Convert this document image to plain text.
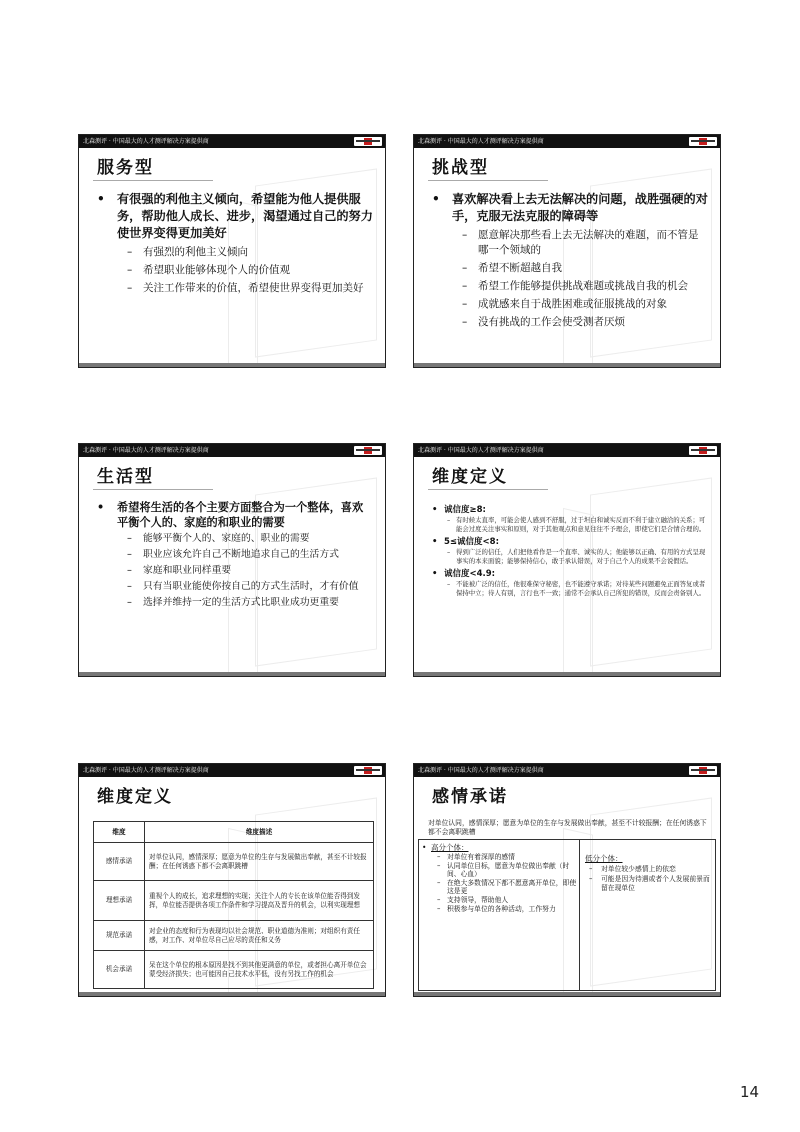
北森测评 · 中国最大的人才测评解决方案提供商
服务型
• 有很强的利他主义倾向，希望能为他人提供服务，帮助他人成长、进步，渴望通过自己的努力使世界变得更加美好
– 有强烈的利他主义倾向
– 希望职业能够体现个人的价值观
– 关注工作带来的价值，希望使世界变得更加美好
北森测评 · 中国最大的人才测评解决方案提供商
挑战型
• 喜欢解决看上去无法解决的问题，战胜强硬的对手，克服无法克服的障碍等
– 愿意解决那些看上去无法解决的难题，而不管是哪一个领域的
– 希望不断超越自我
– 希望工作能够提供挑战难题或挑战自我的机会
– 成就感来自于战胜困难或征服挑战的对象
– 没有挑战的工作会使受测者厌烦
北森测评 · 中国最大的人才测评解决方案提供商
生活型
• 希望将生活的各个主要方面整合为一个整体，喜欢平衡个人的、家庭的和职业的需要
– 能够平衡个人的、家庭的、职业的需要
– 职业应该允许自己不断地追求自己的生活方式
– 家庭和职业同样重要
– 只有当职业能使你按自己的方式生活时，才有价值
– 选择并维持一定的生活方式比职业成功更重要
北森测评 · 中国最大的人才测评解决方案提供商
维度定义
• 诚信度≥8:
– 有时候太直率，可能会使人感到不舒服，过于坦白和诚实反而不利于建立融洽的关系；可能会过度关注事实和原则，对于其他观点和意见往往不予理会，即使它们是合情合理的。
• 5≤诚信度<8:
– 得到广泛的信任，人们把他看作是一个直率、诚实的人；他能够以正确、有用的方式呈现事实的本来面貌；能够保持信心，敢于承认错误，对于自己个人的成果不会说假话。
• 诚信度<4.9:
– 不能被广泛的信任，他很难保守秘密，也不能遵守承诺；对待某些问题避免正面答复或者保持中立；待人有别，言行也不一致；通常不会承认自己所犯的错误，反而会责备别人。
北森测评 · 中国最大的人才测评解决方案提供商
维度定义
维度	维度描述
感情承诺	对单位认同，感情深厚；愿意为单位的生存与发展做出奉献，甚至不计较报酬；在任何诱惑下都不会离职跳槽
理想承诺	重视个人的成长，追求理想的实现；关注个人的专长在该单位能否得到发挥，单位能否提供各项工作条件和学习提高及晋升的机会，以利实现理想
规范承诺	对企业的态度和行为表现均以社会规范、职业道德为准则；对组织有责任感，对工作、对单位尽自己应尽的责任和义务
机会承诺	呆在这个单位的根本原因是找不到其他更满意的单位，或者担心离开单位会蒙受经济损失；也可能因自己技术水平低，没有另找工作的机会
北森测评 · 中国最大的人才测评解决方案提供商
感情承诺
对单位认同，感情深厚；愿意为单位的生存与发展做出奉献，甚至不计较报酬；在任何诱惑下都不会离职跳槽
• 高分个体：
– 对单位有着深厚的感情
– 认同单位目标，愿意为单位做出奉献（时间、心血）
– 在绝大多数情况下都不愿意离开单位，即使这是更
– 支持领导，帮助他人
– 积极参与单位的各种活动，工作努力
低分个体：
– 对单位较少感情上的依恋
– 可能是因为待遇或者个人发展前景而留在现单位
14
